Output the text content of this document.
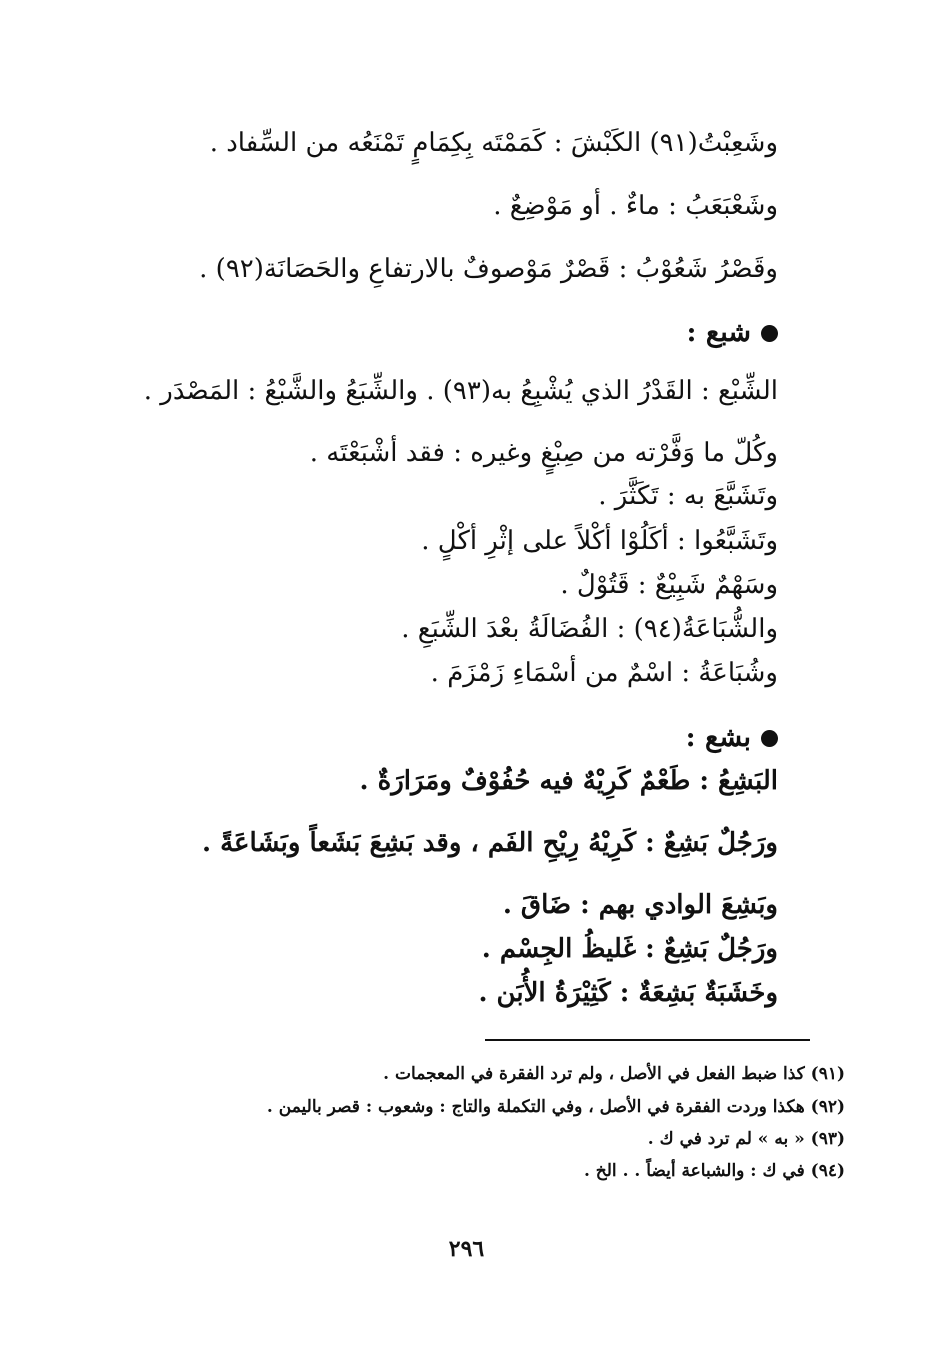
وشَعِبْتُ(٩١) الكَبْشَ : كَمَمْتَه بِكِمَامٍ تَمْنَعُه من السِّفاد .
وشَعْبَعَبُ : ماءٌ . أو مَوْضِعٌ .
وقَصْرُ شَعُوْبُ : قَصْرٌ مَوْصوفٌ بالارتفاعِ والحَصَانَة(٩٢) .
شبع :
الشِّبْع : القَدْرُ الذي يُشْبِعُ به(٩٣) . والشِّبَعُ والشَّبْعُ : المَصْدَر .
وكُلّ ما وَفَّرْته من صِبْغٍ وغيره : فقد أشْبَعْتَه .
وتَشَبَّعَ به : تَكَثَّرَ .
وتَشَبَّعُوا : أكَلُوْا أكْلاً على إثْرِ أكْلٍ .
وسَهْمٌ شَبِيْعٌ : قَتُوْلٌ .
والشُّبَاعَةُ(٩٤) : الفُضَالَةُ بعْدَ الشِّبَعِ .
وشُبَاعَةُ : اسْمٌ من أسْمَاءِ زَمْزَمَ .
بشع :
البَشِعُ : طَعْمٌ كَرِيْهٌ فيه حُفُوْفٌ ومَرَارَةٌ .
ورَجُلٌ بَشِعٌ : كَرِيْهُ رِيْحِ الفَم ، وقد بَشِعَ بَشَعاً وبَشَاعَةً .
وبَشِعَ الوادي بهم : ضَاقَ .
ورَجُلٌ بَشِعٌ : غَليظُ الجِسْم .
وخَشَبَةٌ بَشِعَةٌ : كَثِيْرَةُ الأُبَن .
(٩١) كذا ضبط الفعل في الأصل ، ولم ترد الفقرة في المعجمات .
(٩٢) هكذا وردت الفقرة في الأصل ، وفي التكملة والتاج : وشعوب : قصر باليمن .
(٩٣) « به » لم ترد في ك .
(٩٤) في ك : والشباعة أيضاً . . الخ .
٢٩٦
